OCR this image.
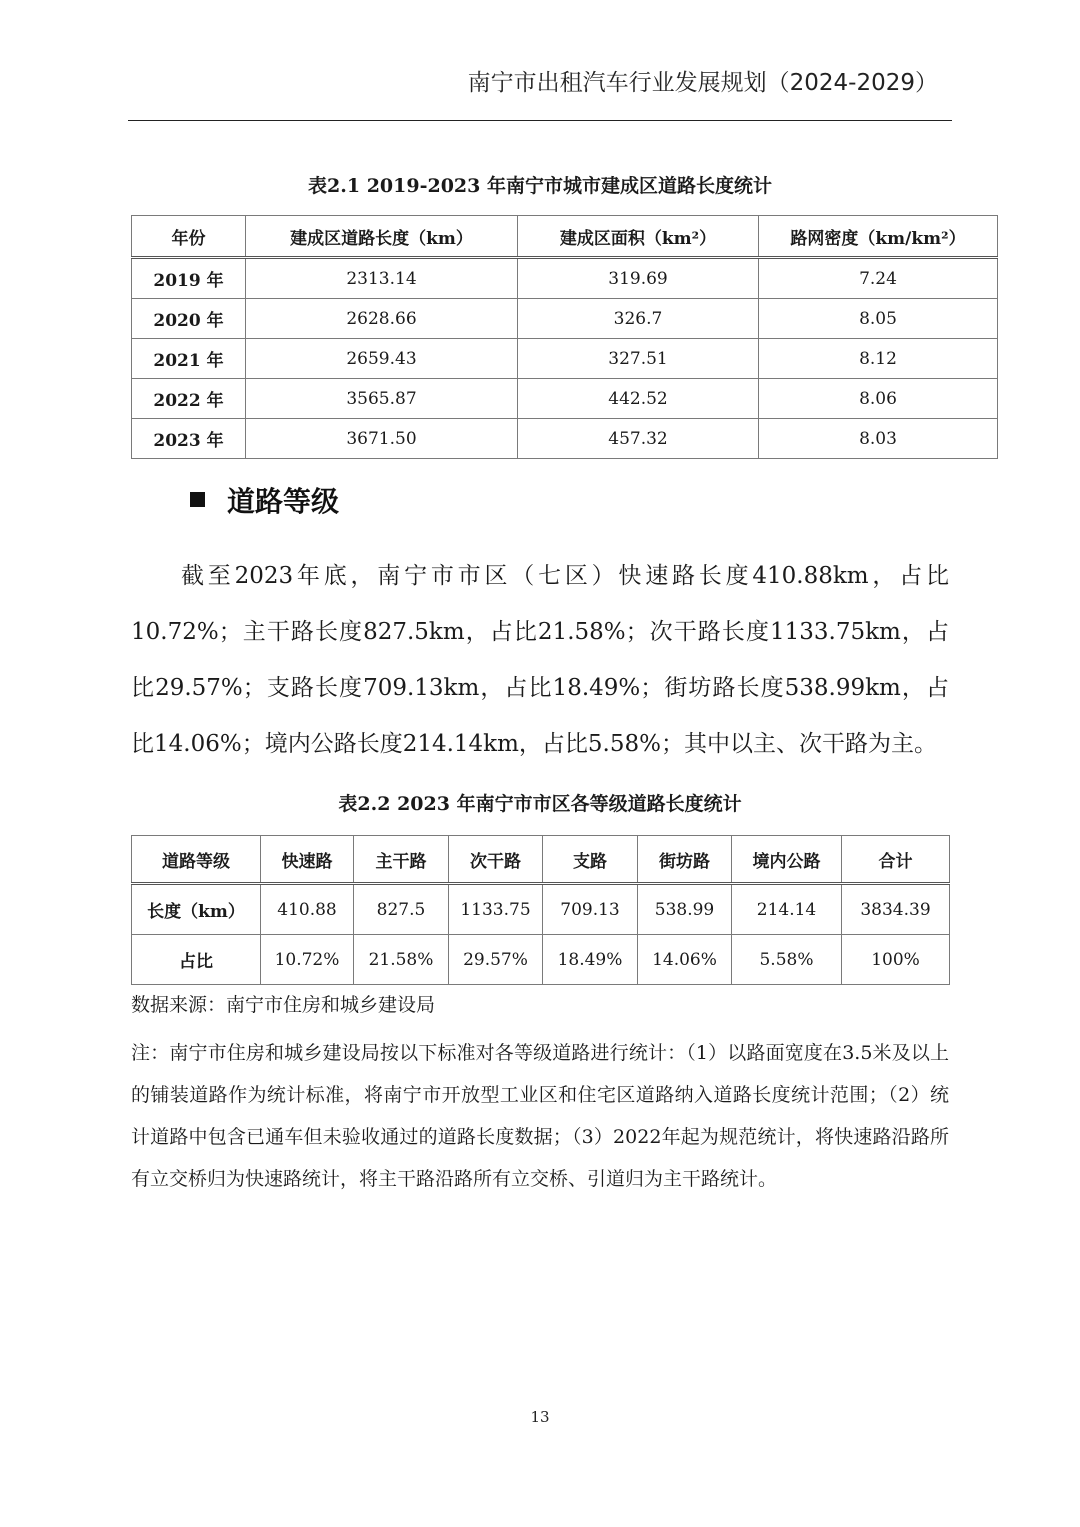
南宁市出租汽车行业发展规划（2024-2029）
表2.1 2019-2023 年南宁市城市建成区道路长度统计
年份	建成区道路长度（km）	建成区面积（km²）	路网密度（km/km²）
2019 年	2313.14	319.69	7.24
2020 年	2628.66	326.7	8.05
2021 年	2659.43	327.51	8.12
2022 年	3565.87	442.52	8.06
2023 年	3671.50	457.32	8.03
道路等级

截至2023年底，南宁市市区（七区）快速路长度410.88km，占比10.72%；主干路长度827.5km，占比21.58%；次干路长度1133.75km，占比29.57%；支路长度709.13km，占比18.49%；街坊路长度538.99km，占比14.06%；境内公路长度214.14km，占比5.58%；其中以主、次干路为主。

表2.2 2023 年南宁市市区各等级道路长度统计
道路等级	快速路	主干路	次干路	支路	街坊路	境内公路	合计
长度（km）	410.88	827.5	1133.75	709.13	538.99	214.14	3834.39
占比	10.72%	21.58%	29.57%	18.49%	14.06%	5.58%	100%

数据来源：南宁市住房和城乡建设局

注：南宁市住房和城乡建设局按以下标准对各等级道路进行统计：（1）以路面宽度在3.5米及以上的铺装道路作为统计标准，将南宁市开放型工业区和住宅区道路纳入道路长度统计范围；（2）统计道路中包含已通车但未验收通过的道路长度数据；（3）2022年起为规范统计，将快速路沿路所有立交桥归为快速路统计，将主干路沿路所有立交桥、引道归为主干路统计。

13
